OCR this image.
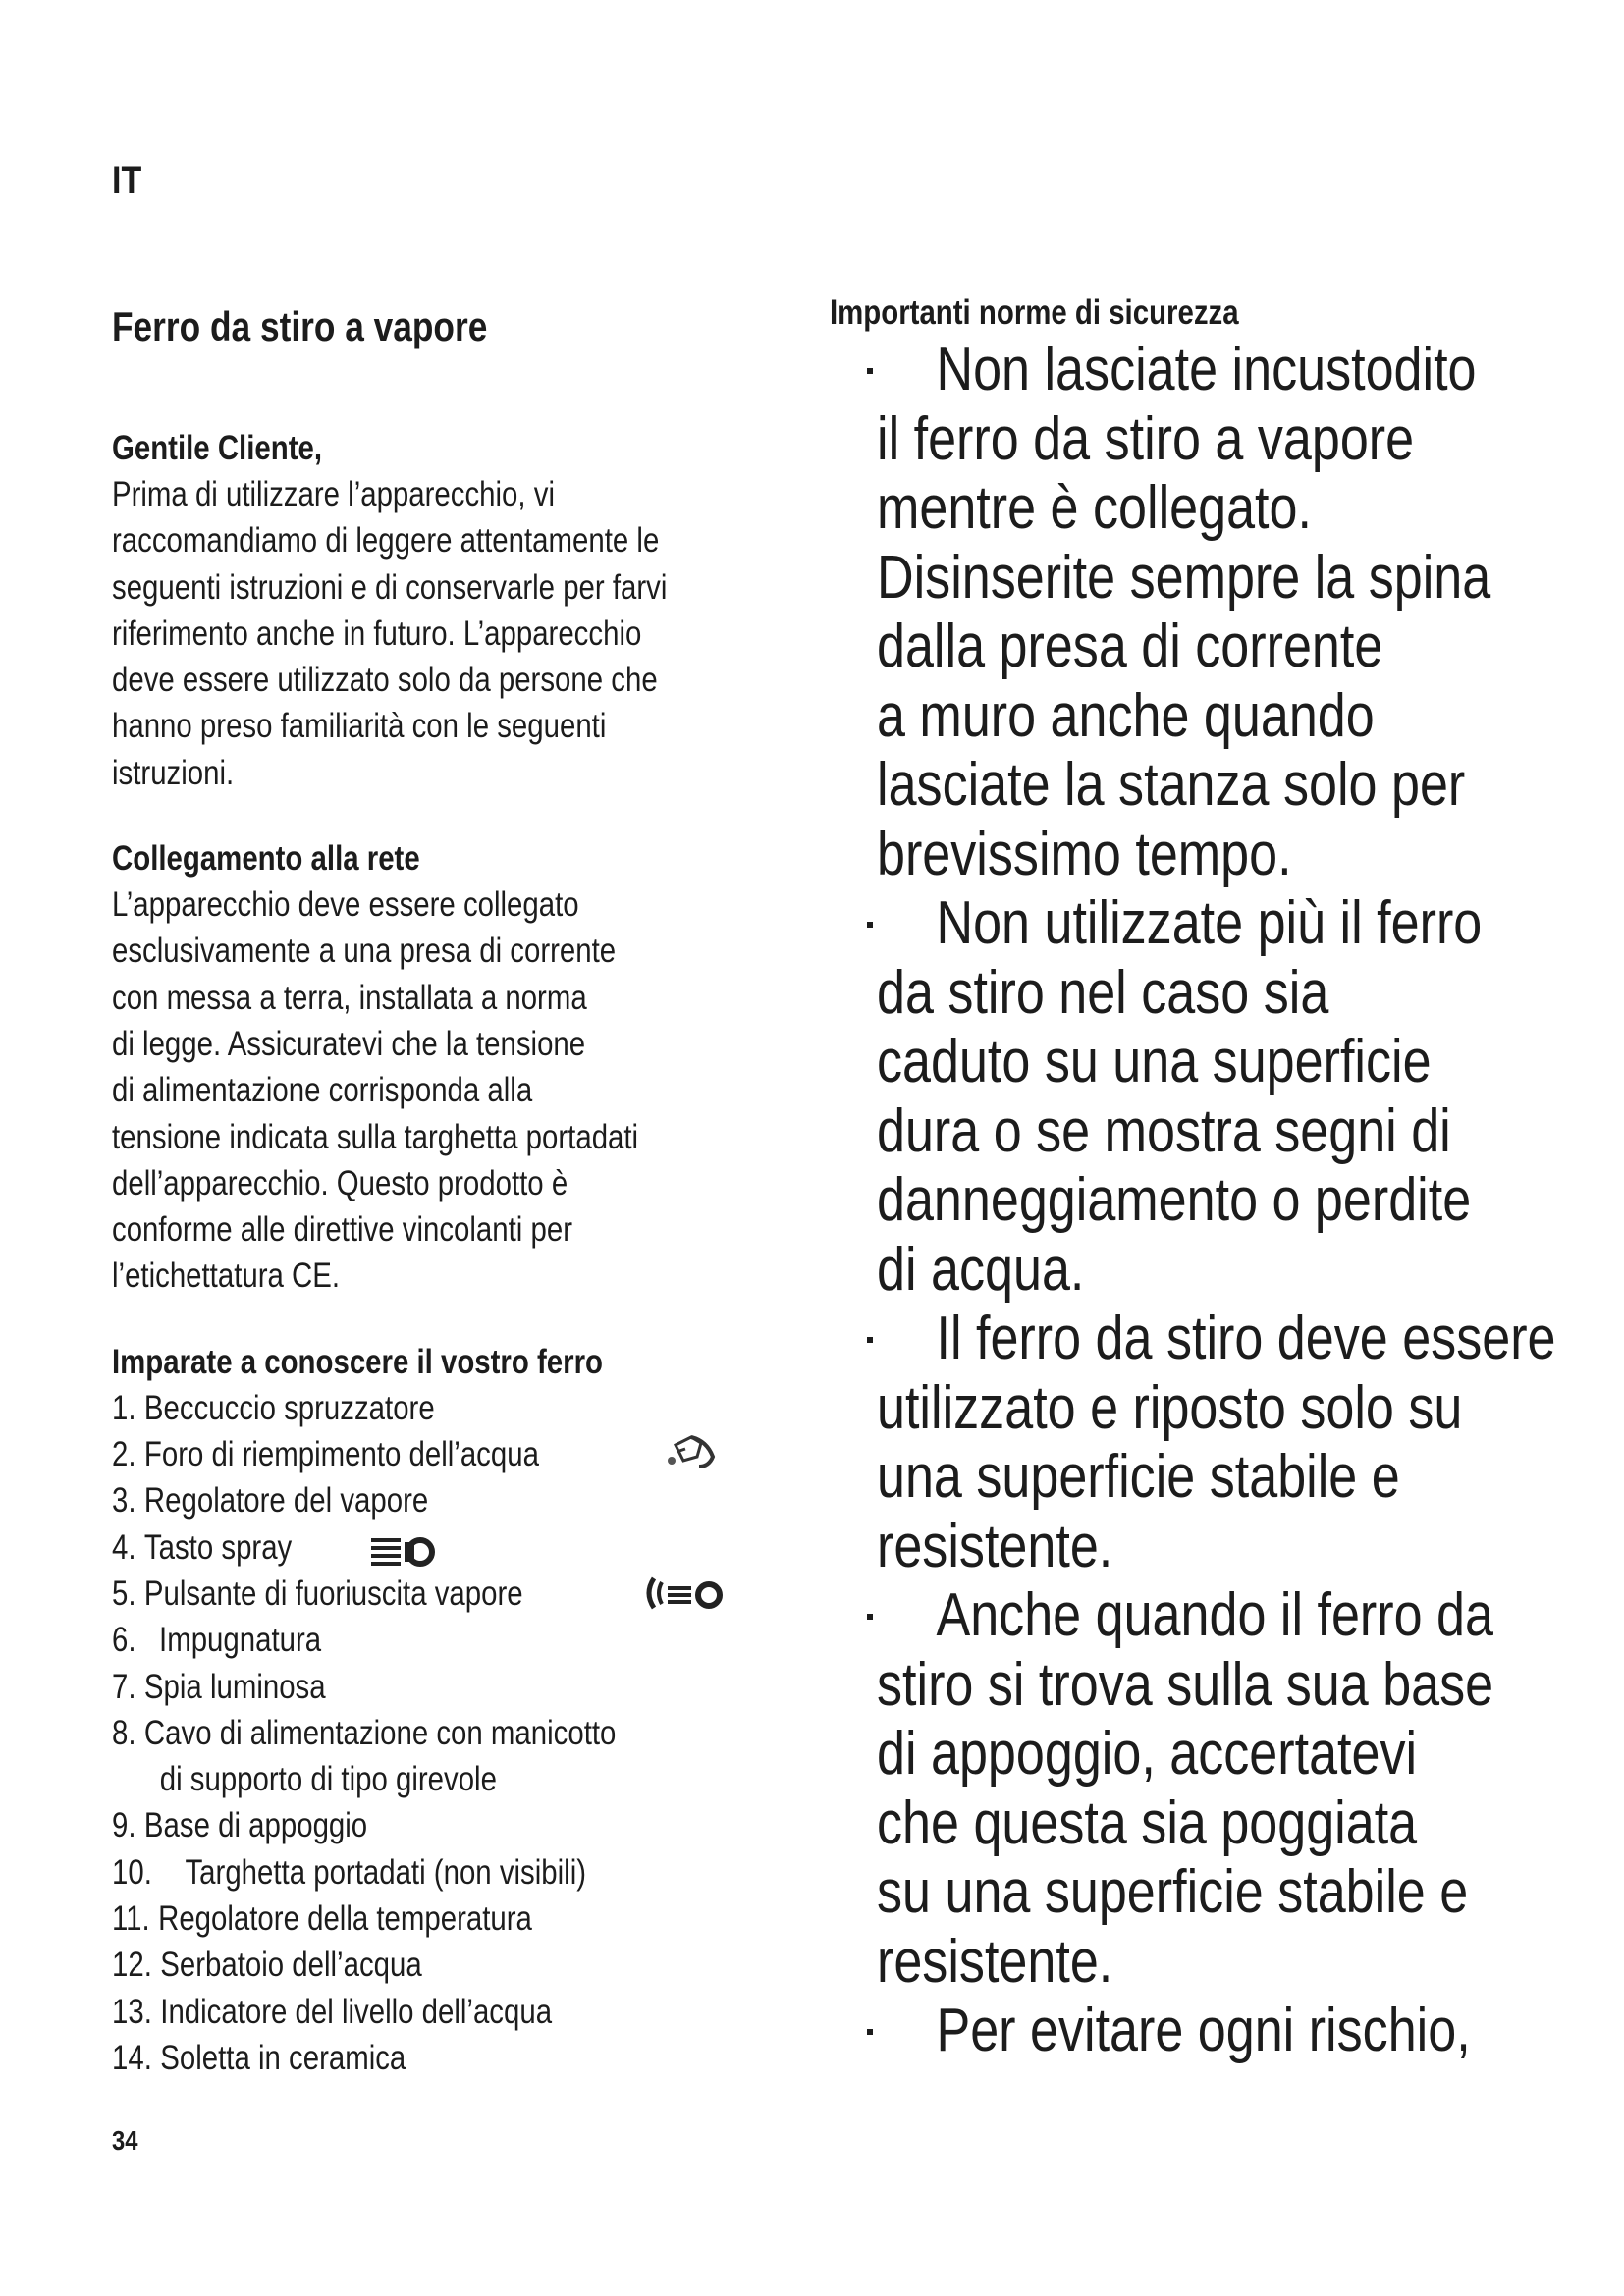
IT
Ferro da stiro a vapore
Gentile Cliente,
Prima di utilizzare l’apparecchio, vi
raccomandiamo di leggere attentamente le
seguenti istruzioni e di conservarle per farvi
riferimento anche in futuro. L’apparecchio
deve essere utilizzato solo da persone che
hanno preso familiarità con le seguenti
istruzioni.
Collegamento alla rete
L’apparecchio deve essere collegato
esclusivamente a una presa di corrente
con messa a terra, installata a norma
di legge. Assicuratevi che la tensione
di alimentazione corrisponda alla
tensione indicata sulla targhetta portadati
dell’apparecchio. Questo prodotto è
conforme alle direttive vincolanti per
l’etichettatura CE.
Imparate a conoscere il vostro ferro
1. Beccuccio spruzzatore
2. Foro di riempimento dell’acqua
3. Regolatore del vapore
4. Tasto spray
5. Pulsante di fuoriuscita vapore
6. Impugnatura
7. Spia luminosa
8. Cavo di alimentazione con manicotto
di supporto di tipo girevole
9. Base di appoggio
10. Targhetta portadati (non visibili)
11. Regolatore della temperatura
12. Serbatoio dell’acqua
13. Indicatore del livello dell’acqua
14. Soletta in ceramica
Importanti norme di sicurezza
Non lasciate incustodito
il ferro da stiro a vapore
mentre è collegato.
Disinserite sempre la spina
dalla presa di corrente
a muro anche quando
lasciate la stanza solo per
brevissimo tempo.
Non utilizzate più il ferro
da stiro nel caso sia
caduto su una superficie
dura o se mostra segni di
danneggiamento o perdite
di acqua.
Il ferro da stiro deve essere
utilizzato e riposto solo su
una superficie stabile e
resistente.
Anche quando il ferro da
stiro si trova sulla sua base
di appoggio, accertatevi
che questa sia poggiata
su una superficie stabile e
resistente.
Per evitare ogni rischio,
34
